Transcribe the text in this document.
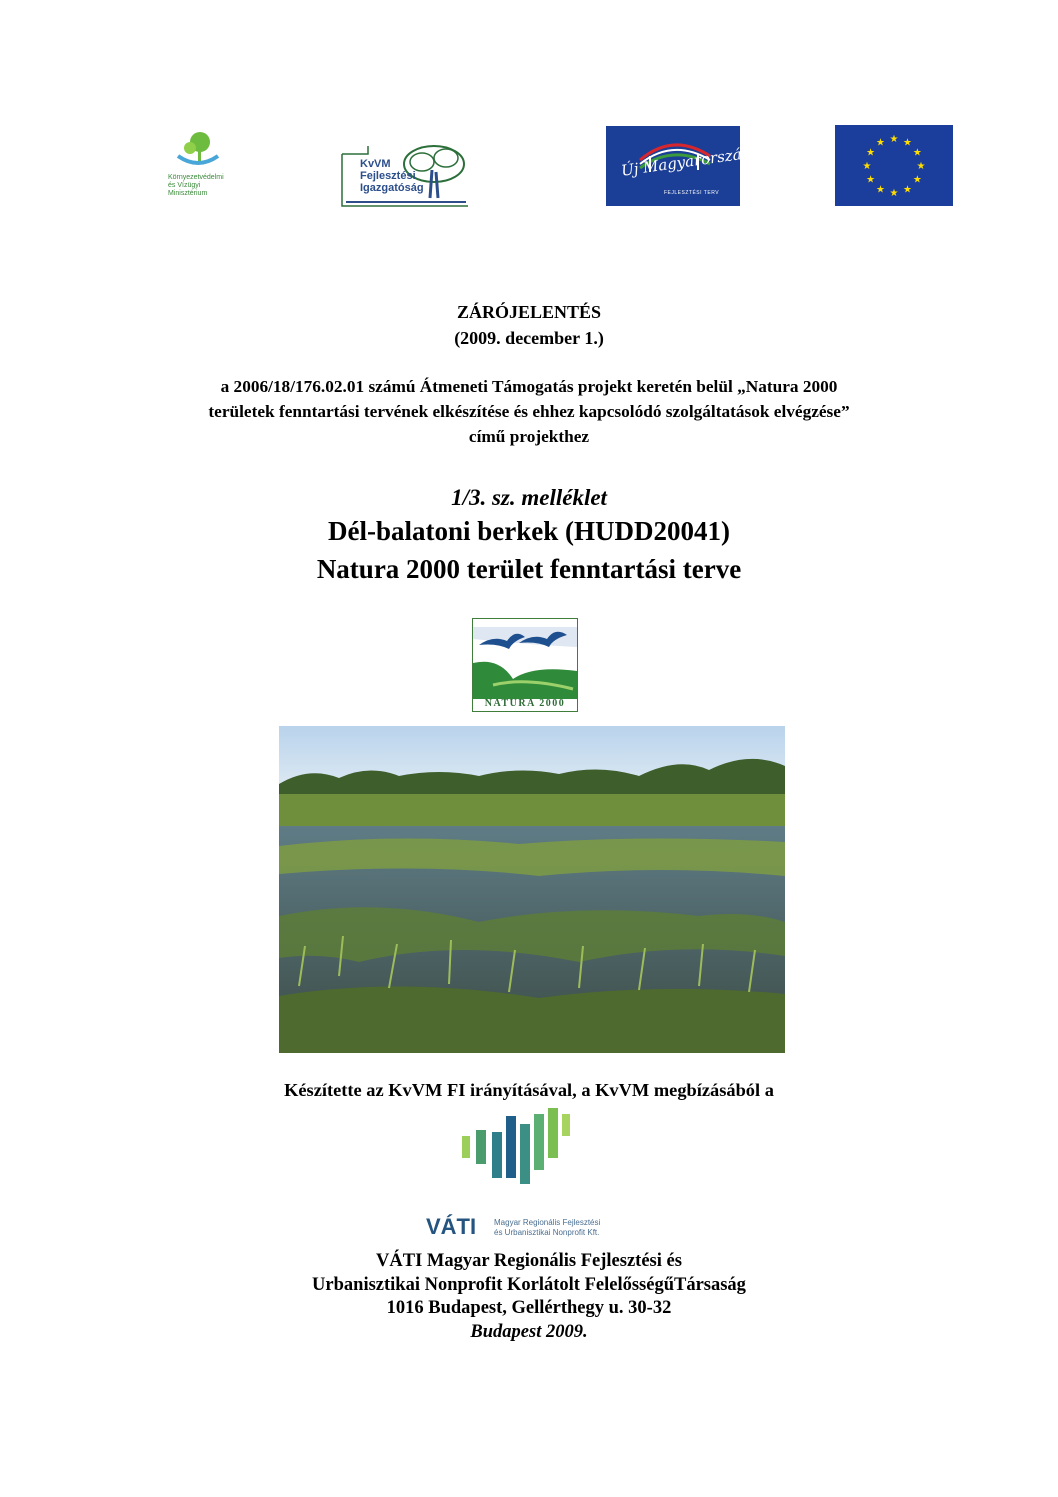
Környezetvédelmi
és Vízügyi
Minisztérium
KvVM
Fejlesztési
Igazgatóság
Új Magyarország
FEJLESZTÉSI TERV
★ ★
★
★
★
★
★
★
★
★
★
★
ZÁRÓJELENTÉS
(2009. december 1.)
a 2006/18/176.02.01 számú Átmeneti Támogatás projekt keretén belül „Natura 2000
területek fenntartási tervének elkészítése és ehhez kapcsolódó szolgáltatások elvégzése”
című projekthez
1/3. sz. melléklet
Dél-balatoni berkek (HUDD20041)
Natura 2000 terület fenntartási terve
★ ★ ★ ★
NATURA 2000
Készítette az KvVM FI irányításával, a KvVM megbízásából a
VÁTI Magyar Regionális Fejlesztési
és Urbanisztikai Nonprofit Kft.
VÁTI Magyar Regionális Fejlesztési és
Urbanisztikai Nonprofit Korlátolt FelelősségűTársaság
1016 Budapest, Gellérthegy u. 30-32
Budapest 2009.
